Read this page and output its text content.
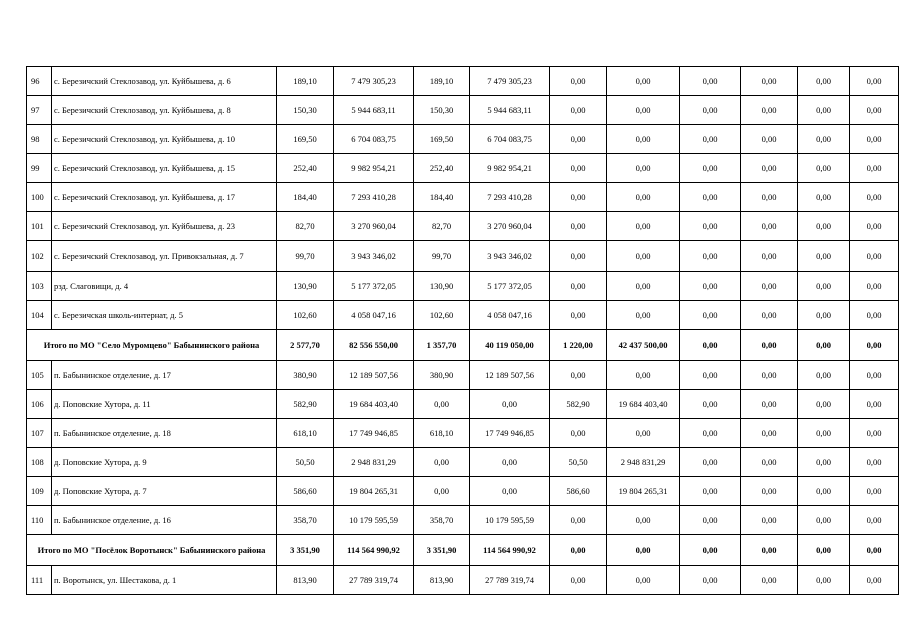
96	с. Березичский Стеклозавод, ул. Куйбышева, д. 6	189,10	7 479 305,23	189,10	7 479 305,23	0,00	0,00	0,00	0,00	0,00	0,00
97	с. Березичский Стеклозавод, ул. Куйбышева, д. 8	150,30	5 944 683,11	150,30	5 944 683,11	0,00	0,00	0,00	0,00	0,00	0,00
98	с. Березичский Стеклозавод, ул. Куйбышева, д. 10	169,50	6 704 083,75	169,50	6 704 083,75	0,00	0,00	0,00	0,00	0,00	0,00
99	с. Березичский Стеклозавод, ул. Куйбышева, д. 15	252,40	9 982 954,21	252,40	9 982 954,21	0,00	0,00	0,00	0,00	0,00	0,00
100	с. Березичский Стеклозавод, ул. Куйбышева, д. 17	184,40	7 293 410,28	184,40	7 293 410,28	0,00	0,00	0,00	0,00	0,00	0,00
101	с. Березичский Стеклозавод, ул. Куйбышева, д. 23	82,70	3 270 960,04	82,70	3 270 960,04	0,00	0,00	0,00	0,00	0,00	0,00
102	с. Березичский Стеклозавод, ул. Привокзальная, д. 7	99,70	3 943 346,02	99,70	3 943 346,02	0,00	0,00	0,00	0,00	0,00	0,00
103	рзд. Слаговищи, д. 4	130,90	5 177 372,05	130,90	5 177 372,05	0,00	0,00	0,00	0,00	0,00	0,00
104	с. Березичская школь-интернат, д. 5	102,60	4 058 047,16	102,60	4 058 047,16	0,00	0,00	0,00	0,00	0,00	0,00
Итого по МО "Село Муромцево" Бабынинского района		2 577,70	82 556 550,00	1 357,70	40 119 050,00	1 220,00	42 437 500,00	0,00	0,00	0,00	0,00
105	п. Бабынинское отделение, д. 17	380,90	12 189 507,56	380,90	12 189 507,56	0,00	0,00	0,00	0,00	0,00	0,00
106	д. Поповские Хутора, д. 11	582,90	19 684 403,40	0,00	0,00	582,90	19 684 403,40	0,00	0,00	0,00	0,00
107	п. Бабынинское отделение, д. 18	618,10	17 749 946,85	618,10	17 749 946,85	0,00	0,00	0,00	0,00	0,00	0,00
108	д. Поповские Хутора, д. 9	50,50	2 948 831,29	0,00	0,00	50,50	2 948 831,29	0,00	0,00	0,00	0,00
109	д. Поповские Хутора, д. 7	586,60	19 804 265,31	0,00	0,00	586,60	19 804 265,31	0,00	0,00	0,00	0,00
110	п. Бабынинское отделение, д. 16	358,70	10 179 595,59	358,70	10 179 595,59	0,00	0,00	0,00	0,00	0,00	0,00
Итого по МО "Посёлок Воротынск" Бабынинского района		3 351,90	114 564 990,92	3 351,90	114 564 990,92	0,00	0,00	0,00	0,00	0,00	0,00
111	п. Воротынск, ул. Шестакова, д. 1	813,90	27 789 319,74	813,90	27 789 319,74	0,00	0,00	0,00	0,00	0,00	0,00
